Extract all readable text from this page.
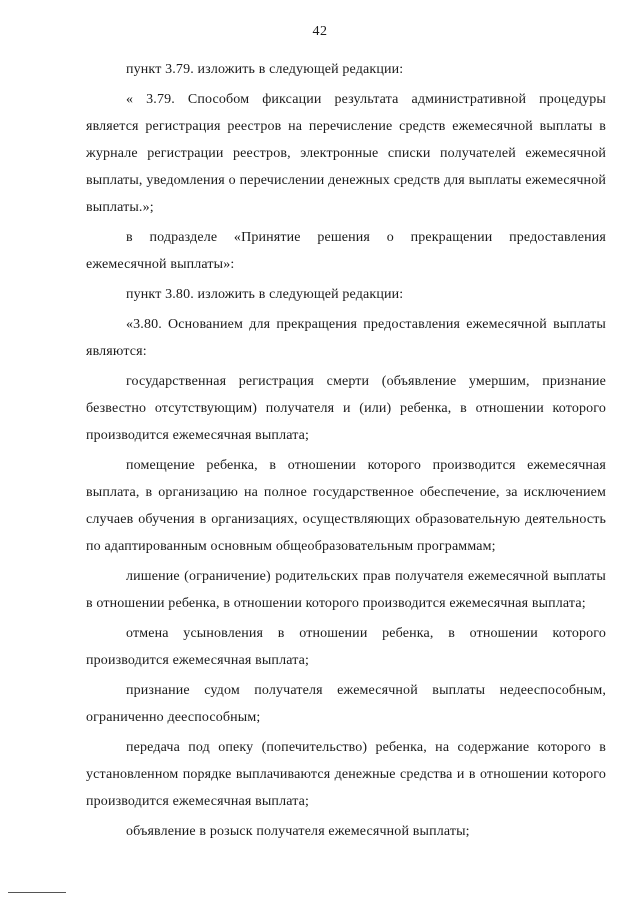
42

пункт 3.79. изложить в следующей редакции:

« 3.79. Способом фиксации результата административной процедуры является регистрация реестров на перечисление средств ежемесячной выплаты в журнале регистрации реестров, электронные списки получателей ежемесячной выплаты, уведомления о перечислении денежных средств для выплаты ежемесячной выплаты.»;

в подразделе «Принятие решения о прекращении предоставления ежемесячной выплаты»:

пункт 3.80. изложить в следующей редакции:

«3.80. Основанием для прекращения предоставления ежемесячной выплаты являются:

государственная регистрация смерти (объявление умершим, признание безвестно отсутствующим) получателя и (или) ребенка, в отношении которого производится ежемесячная выплата;

помещение ребенка, в отношении которого производится ежемесячная выплата, в организацию на полное государственное обеспечение, за исключением случаев обучения в организациях, осуществляющих образовательную деятельность по адаптированным основным общеобразовательным программам;

лишение (ограничение) родительских прав получателя ежемесячной выплаты в отношении ребенка, в отношении которого производится ежемесячная выплата;

отмена усыновления в отношении ребенка, в отношении которого производится ежемесячная выплата;

признание судом получателя ежемесячной выплаты недееспособным, ограниченно дееспособным;

передача под опеку (попечительство) ребенка, на содержание которого в установленном порядке выплачиваются денежные средства и в отношении которого производится ежемесячная выплата;

объявление в розыск получателя ежемесячной выплаты;
